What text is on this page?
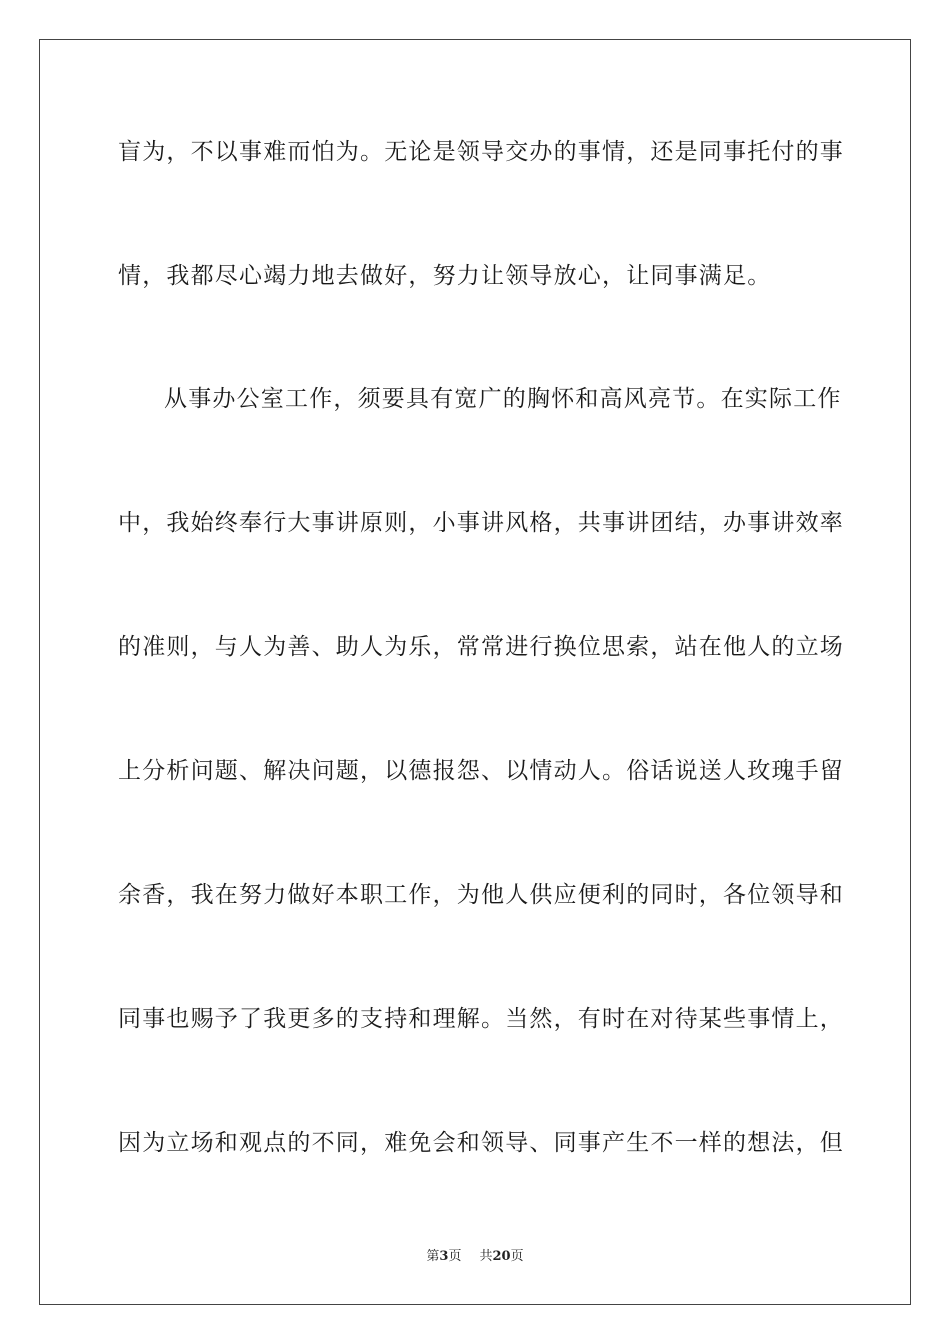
盲为，不以事难而怕为。无论是领导交办的事情，还是同事托付的事
情，我都尽心竭力地去做好，努力让领导放心，让同事满足。
从事办公室工作，须要具有宽广的胸怀和高风亮节。在实际工作
中，我始终奉行大事讲原则，小事讲风格，共事讲团结，办事讲效率
的准则，与人为善、助人为乐，常常进行换位思索，站在他人的立场
上分析问题、解决问题，以德报怨、以情动人。俗话说送人玫瑰手留
余香，我在努力做好本职工作，为他人供应便利的同时，各位领导和
同事也赐予了我更多的支持和理解。当然，有时在对待某些事情上，
因为立场和观点的不同，难免会和领导、同事产生不一样的想法，但
第3页 共20页
